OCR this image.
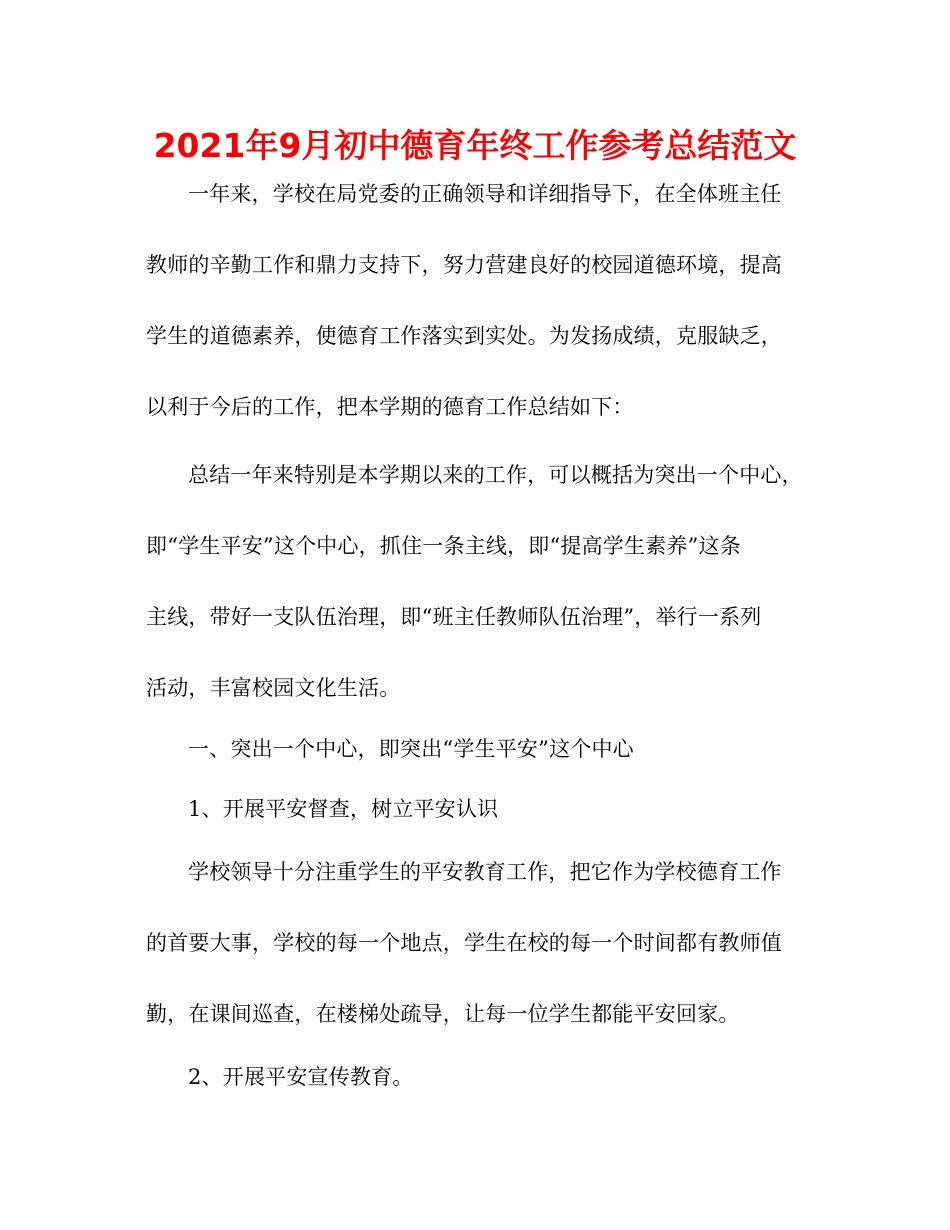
2021年9月初中德育年终工作参考总结范文

一年来，学校在局党委的正确领导和详细指导下，在全体班主任

教师的辛勤工作和鼎力支持下，努力营建良好的校园道德环境，提高

学生的道德素养，使德育工作落实到实处。为发扬成绩，克服缺乏，

以利于今后的工作，把本学期的德育工作总结如下：

总结一年来特别是本学期以来的工作，可以概括为突出一个中心，

即“学生平安”这个中心，抓住一条主线，即“提高学生素养”这条

主线，带好一支队伍治理，即“班主任教师队伍治理”，举行一系列

活动，丰富校园文化生活。

一、突出一个中心，即突出“学生平安”这个中心

1、开展平安督查，树立平安认识

学校领导十分注重学生的平安教育工作，把它作为学校德育工作

的首要大事，学校的每一个地点，学生在校的每一个时间都有教师值

勤，在课间巡查，在楼梯处疏导，让每一位学生都能平安回家。

2、开展平安宣传教育。
